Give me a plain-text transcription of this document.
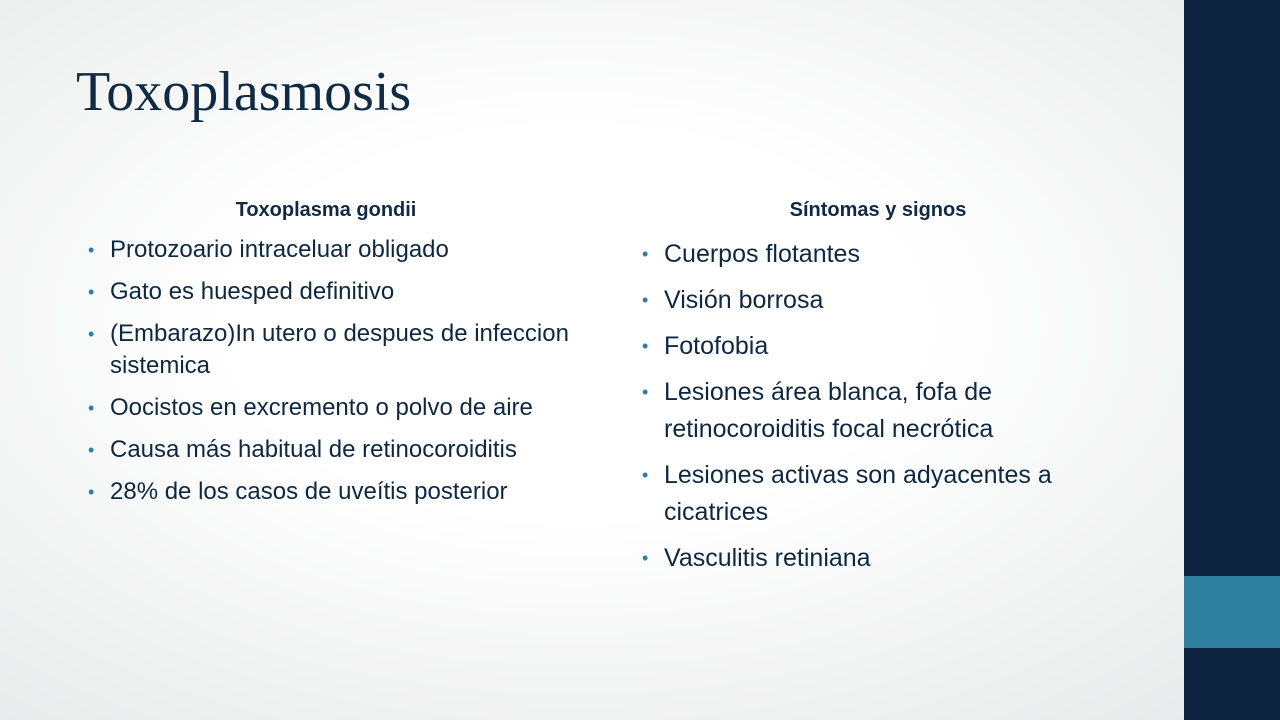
Toxoplasmosis
Toxoplasma gondii
• Protozoario intraceluar obligado
• Gato es huesped definitivo
• (Embarazo)In utero o despues de infeccion sistemica
• Oocistos en excremento o polvo de aire
• Causa más habitual de retinocoroiditis
• 28% de los casos de uveítis posterior
Síntomas y signos
• Cuerpos flotantes
• Visión borrosa
• Fotofobia
• Lesiones área blanca, fofa de retinocoroiditis focal necrótica
• Lesiones activas son adyacentes a cicatrices
• Vasculitis retiniana
